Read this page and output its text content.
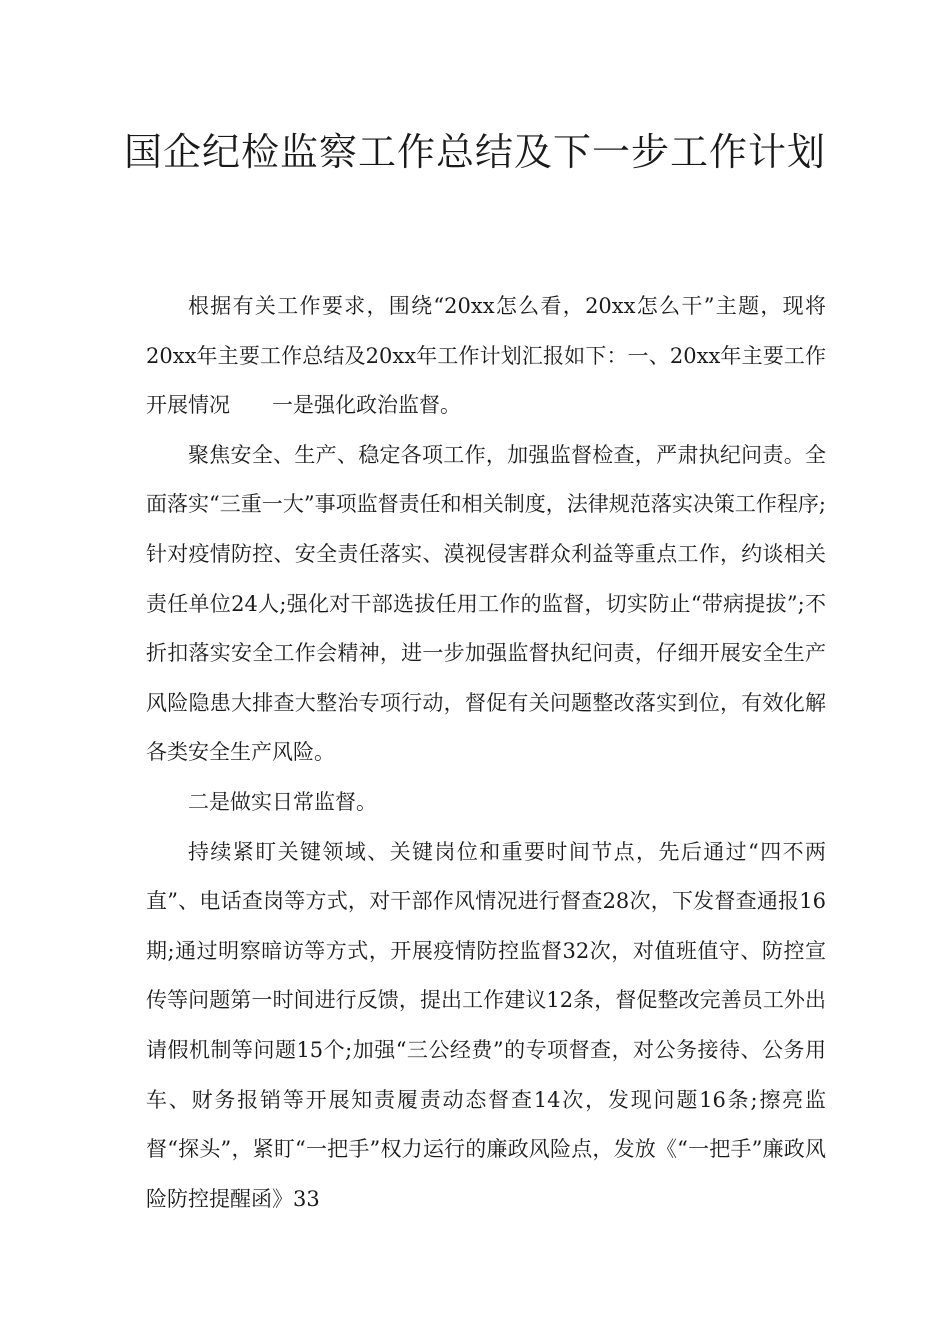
国企纪检监察工作总结及下一步工作计划

根据有关工作要求，围绕“20xx怎么看，20xx怎么干”主题，现将20xx年主要工作总结及20xx年工作计划汇报如下：一、20xx年主要工作开展情况　　一是强化政治监督。

聚焦安全、生产、稳定各项工作，加强监督检查，严肃执纪问责。全面落实“三重一大”事项监督责任和相关制度，法律规范落实决策工作程序;针对疫情防控、安全责任落实、漠视侵害群众利益等重点工作，约谈相关责任单位24人;强化对干部选拔任用工作的监督，切实防止“带病提拔”;不折扣落实安全工作会精神，进一步加强监督执纪问责，仔细开展安全生产风险隐患大排查大整治专项行动，督促有关问题整改落实到位，有效化解各类安全生产风险。

二是做实日常监督。

持续紧盯关键领域、关键岗位和重要时间节点，先后通过“四不两直”、电话查岗等方式，对干部作风情况进行督查28次，下发督查通报16期;通过明察暗访等方式，开展疫情防控监督32次，对值班值守、防控宣传等问题第一时间进行反馈，提出工作建议12条，督促整改完善员工外出请假机制等问题15个;加强“三公经费”的专项督查，对公务接待、公务用车、财务报销等开展知责履责动态督查14次，发现问题16条;擦亮监督“探头”，紧盯“一把手”权力运行的廉政风险点，发放《“一把手”廉政风险防控提醒函》33
